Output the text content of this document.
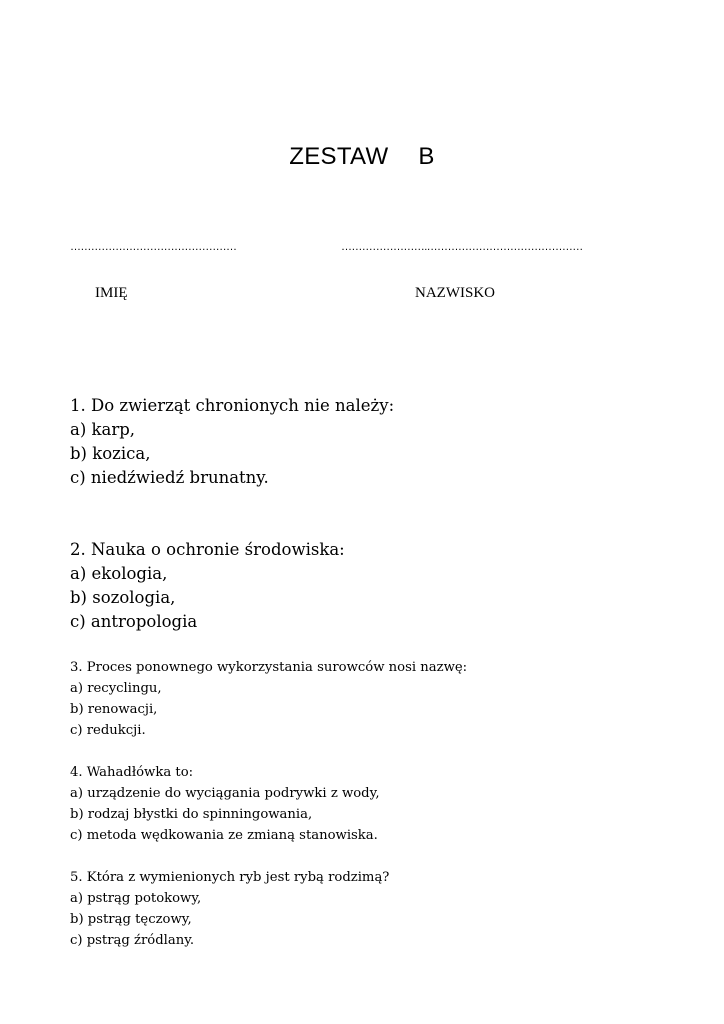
ZESTAW B
…………………………………………	…………………….………………………………………
IMIĘ	NAZWISKO
1. Do zwierząt chronionych nie należy:
a) karp,
b) kozica,
c) niedźwiedź brunatny.
2. Nauka o ochronie środowiska:
a) ekologia,
b) sozologia,
c) antropologia
3. Proces ponownego wykorzystania surowców nosi nazwę:
a) recyclingu,
b) renowacji,
c) redukcji.
4. Wahadłówka to:
a) urządzenie do wyciągania podrywki z wody,
b) rodzaj błystki do spinningowania,
c) metoda wędkowania ze zmianą stanowiska.
5. Która z wymienionych ryb jest rybą rodzimą?
a) pstrąg potokowy,
b) pstrąg tęczowy,
c) pstrąg źródlany.
